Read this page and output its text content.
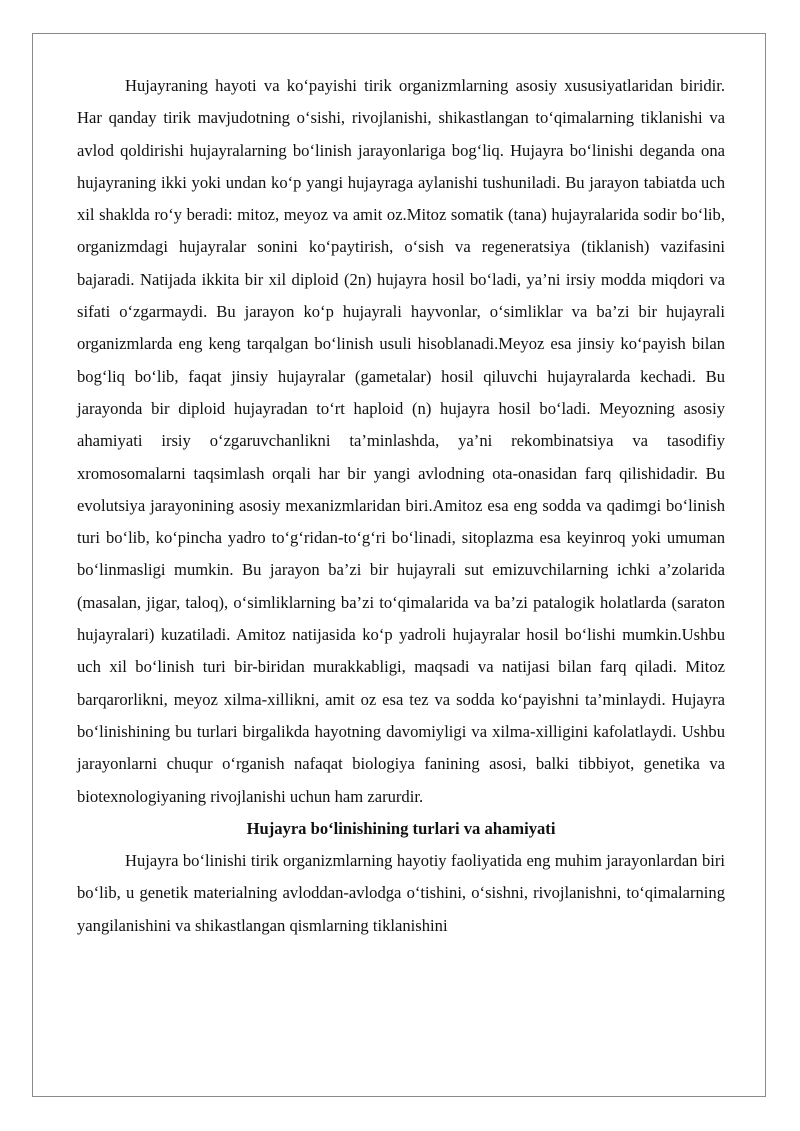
Hujayraning hayoti va ko‘payishi tirik organizmlarning asosiy xususiyatlaridan biridir. Har qanday tirik mavjudotning o‘sishi, rivojlanishi, shikastlangan to‘qimalarning tiklanishi va avlod qoldirishi hujayralarning bo‘linish jarayonlariga bog‘liq. Hujayra bo‘linishi deganda ona hujayraning ikki yoki undan ko‘p yangi hujayraga aylanishi tushuniladi. Bu jarayon tabiatda uch xil shaklda ro‘y beradi: mitoz, meyoz va amit oz.Mitoz somatik (tana) hujayralarida sodir bo‘lib, organizmdagi hujayralar sonini ko‘paytirish, o‘sish va regeneratsiya (tiklanish) vazifasini bajaradi. Natijada ikkita bir xil diploid (2n) hujayra hosil bo‘ladi, ya’ni irsiy modda miqdori va sifati o‘zgarmaydi. Bu jarayon ko‘p hujayrali hayvonlar, o‘simliklar va ba’zi bir hujayrali organizmlarda eng keng tarqalgan bo‘linish usuli hisoblanadi.Meyoz esa jinsiy ko‘payish bilan bog‘liq bo‘lib, faqat jinsiy hujayralar (gametalar) hosil qiluvchi hujayralarda kechadi. Bu jarayonda bir diploid hujayradan to‘rt haploid (n) hujayra hosil bo‘ladi. Meyozning asosiy ahamiyati irsiy o‘zgaruvchanlikni ta’minlashda, ya’ni rekombinatsiya va tasodifiy xromosomalarni taqsimlash orqali har bir yangi avlodning ota-onasidan farq qilishidadir. Bu evolutsiya jarayonining asosiy mexanizmlaridan biri.Amitoz esa eng sodda va qadimgi bo‘linish turi bo‘lib, ko‘pincha yadro to‘g‘ridan-to‘g‘ri bo‘linadi, sitoplazma esa keyinroq yoki umuman bo‘linmasligi mumkin. Bu jarayon ba’zi bir hujayrali sut emizuvchilarning ichki a’zolarida (masalan, jigar, taloq), o‘simliklarning ba’zi to‘qimalarida va ba’zi patalogik holatlarda (saraton hujayralari) kuzatiladi. Amitoz natijasida ko‘p yadroli hujayralar hosil bo‘lishi mumkin.Ushbu uch xil bo‘linish turi bir-biridan murakkabligi, maqsadi va natijasi bilan farq qiladi. Mitoz barqarorlikni, meyoz xilma-xillikni, amit oz esa tez va sodda ko‘payishni ta’minlaydi. Hujayra bo‘linishining bu turlari birgalikda hayotning davomiyligi va xilma-xilligini kafolatlaydi. Ushbu jarayonlarni chuqur o‘rganish nafaqat biologiya fanining asosi, balki tibbiyot, genetika va biotexnologiyaning rivojlanishi uchun ham zarurdir.

Hujayra bo‘linishining turlari va ahamiyati

Hujayra bo‘linishi tirik organizmlarning hayotiy faoliyatida eng muhim jarayonlardan biri bo‘lib, u genetik materialning avloddan-avlodga o‘tishini, o‘sishni, rivojlanishni, to‘qimalarning yangilanishini va shikastlangan qismlarning tiklanishini
